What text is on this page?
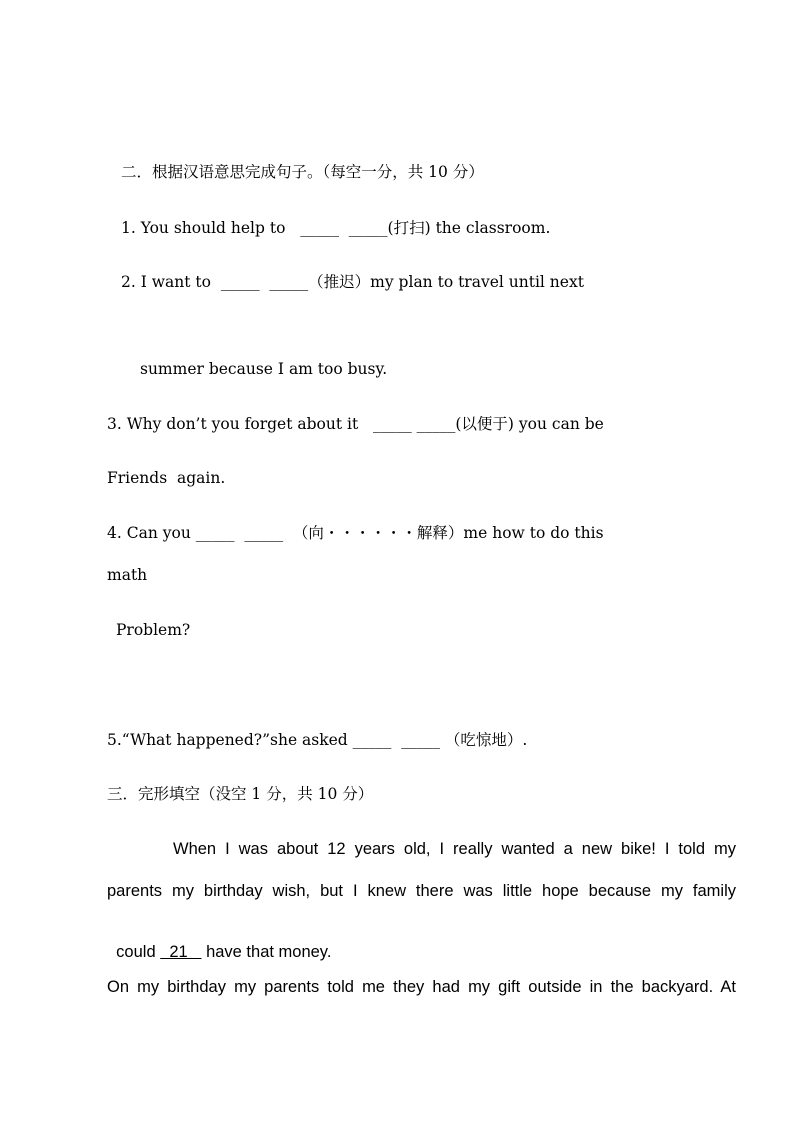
二．根据汉语意思完成句子。（每空一分，共 10 分）
1. You should help to   _____  _____(打扫) the classroom.
2. I want to  _____  _____（推迟）my plan to travel until next
summer because I am too busy.
3. Why don’t you forget about it   _____ _____(以便于) you can be
Friends  again.
4. Can you _____  _____  （向・・・・・・解释）me how to do this
math
Problem?
5.“What happened?”she asked _____  _____ （吃惊地）.
三．完形填空（没空 1 分，共 10 分）
When I was about 12 years old, I really wanted a new bike! I told my
parents my birthday wish, but I knew there was little hope because my family

could   21    have that money.

On my birthday my parents told me they had my gift outside in the backyard. At
